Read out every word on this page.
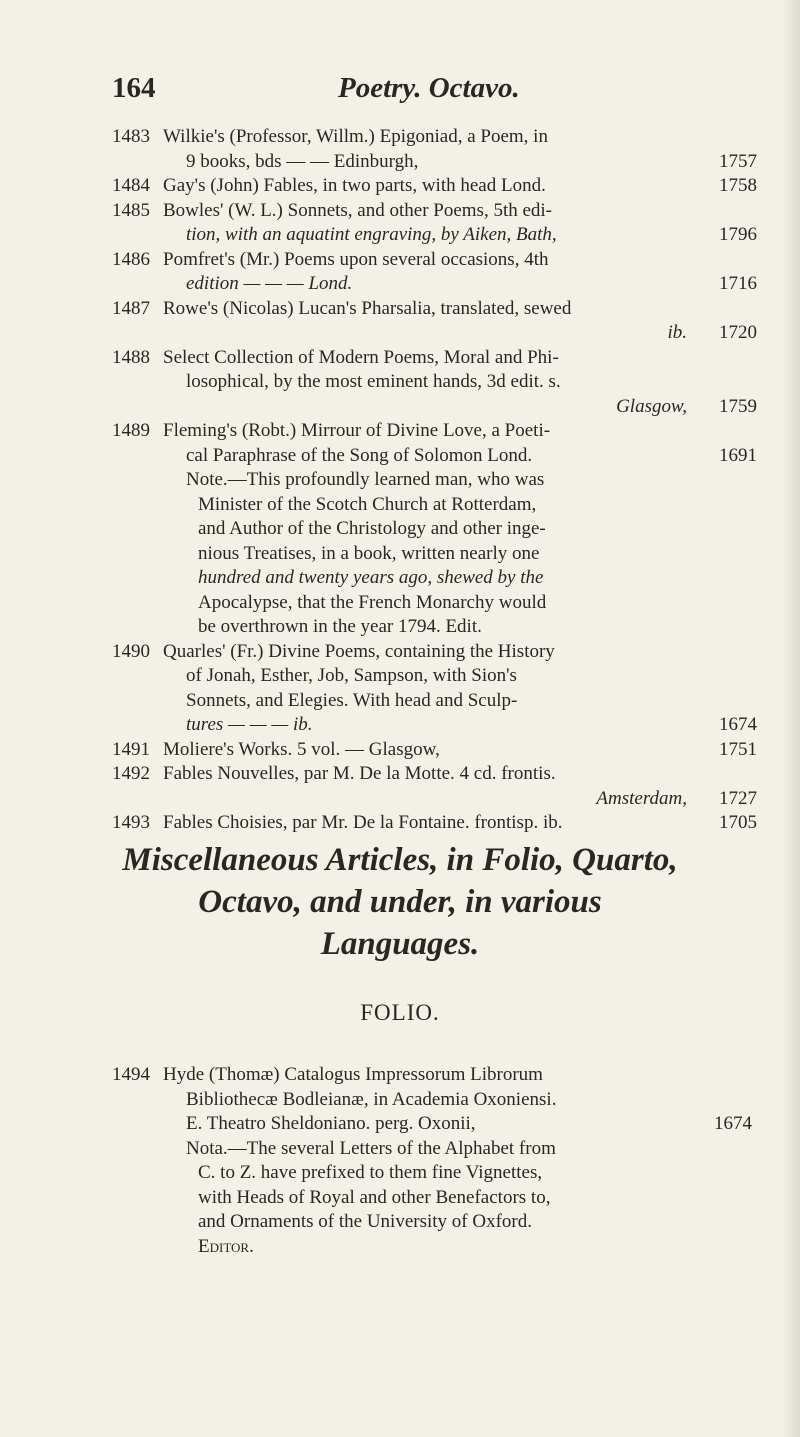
164	Poetry. Octavo.
1483 Wilkie's (Professor, Willm.) Epigoniad, a Poem, in
9 books, bds — — Edinburgh,	1757
1484 Gay's (John) Fables, in two parts, with head Lond.	1758
1485 Bowles' (W. L.) Sonnets, and other Poems, 5th edi-
tion, with an aquatint engraving, by Aiken, Bath,	1796
1486 Pomfret's (Mr.) Poems upon several occasions, 4th
edition — — — Lond.	1716
1487 Rowe's (Nicolas) Lucan's Pharsalia, translated, sewed
ib. 1720
1488 Select Collection of Modern Poems, Moral and Phi-
losophical, by the most eminent hands, 3d edit. s.
Glasgow, 1759
1489 Fleming's (Robt.) Mirrour of Divine Love, a Poeti-
cal Paraphrase of the Song of Solomon Lond.	1691
Note.—This profoundly learned man, who was
Minister of the Scotch Church at Rotterdam,
and Author of the Christology and other inge-
nious Treatises, in a book, written nearly one
hundred and twenty years ago, shewed by the
Apocalypse, that the French Monarchy would
be overthrown in the year 1794. Edit.
1490 Quarles' (Fr.) Divine Poems, containing the History
of Jonah, Esther, Job, Sampson, with Sion's
Sonnets, and Elegies. With head and Sculp-
tures — — — ib.	1674
1491 Moliere's Works. 5 vol. — Glasgow,	1751
1492 Fables Nouvelles, par M. De la Motte. 4 cd. frontis.
Amsterdam, 1727
1493 Fables Choisies, par Mr. De la Fontaine. frontisp. ib.	1705
Miscellaneous Articles, in Folio, Quarto,
Octavo, and under, in various
Languages.
FOLIO.
1494 Hyde (Thomæ) Catalogus Impressorum Librorum
Bibliothecæ Bodleianæ, in Academia Oxoniensi.
E. Theatro Sheldoniano. perg. Oxonii,	1674
Nota.—The several Letters of the Alphabet from
C. to Z. have prefixed to them fine Vignettes,
with Heads of Royal and other Benefactors to,
and Ornaments of the University of Oxford.
Editor.
